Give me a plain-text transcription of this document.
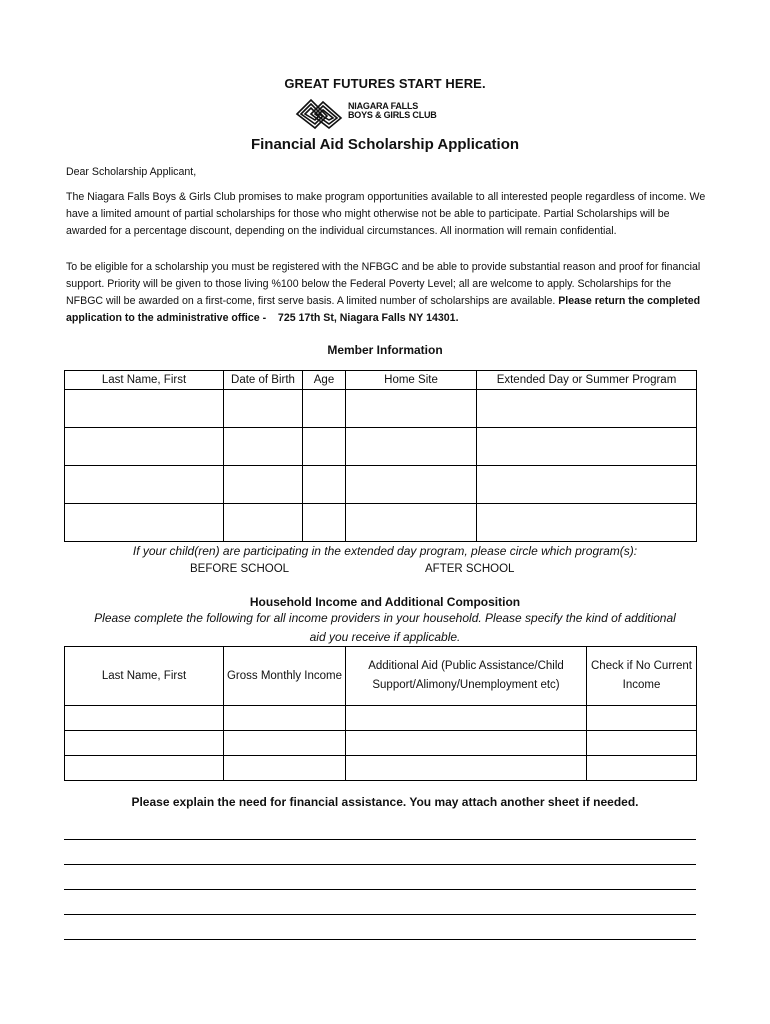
GREAT FUTURES START HERE.
NIAGARA FALLS
BOYS & GIRLS CLUB
Financial Aid Scholarship Application
Dear Scholarship Applicant,
The Niagara Falls Boys & Girls Club promises to make program opportunities available to all interested people regardless of income. We have a limited amount of partial scholarships for those who might otherwise not be able to participate. Partial Scholarships will be awarded for a percentage discount, depending on the individual circumstances. All inormation will remain confidential.
To be eligible for a scholarship you must be registered with the NFBGC and be able to provide substantial reason and proof for financial support. Priority will be given to those living %100 below the Federal Poverty Level; all are welcome to apply. Scholarships for the NFBGC will be awarded on a first-come, first serve basis. A limited number of scholarships are available. Please return the completed application to the administrative office - 725 17th St, Niagara Falls NY 14301.
Member Information
Last Name, First	Date of Birth	Age	Home Site	Extended Day or Summer Program

If your child(ren) are participating in the extended day program, please circle which program(s):
BEFORE SCHOOL	AFTER SCHOOL
Household Income and Additional Composition
Please complete the following for all income providers in your household. Please specify the kind of additional
aid you receive if applicable.
Last Name, First	Gross Monthly Income	Additional Aid (Public Assistance/Child Support/Alimony/Unemployment etc)	Check if No Current Income

Please explain the need for financial assistance. You may attach another sheet if needed.
